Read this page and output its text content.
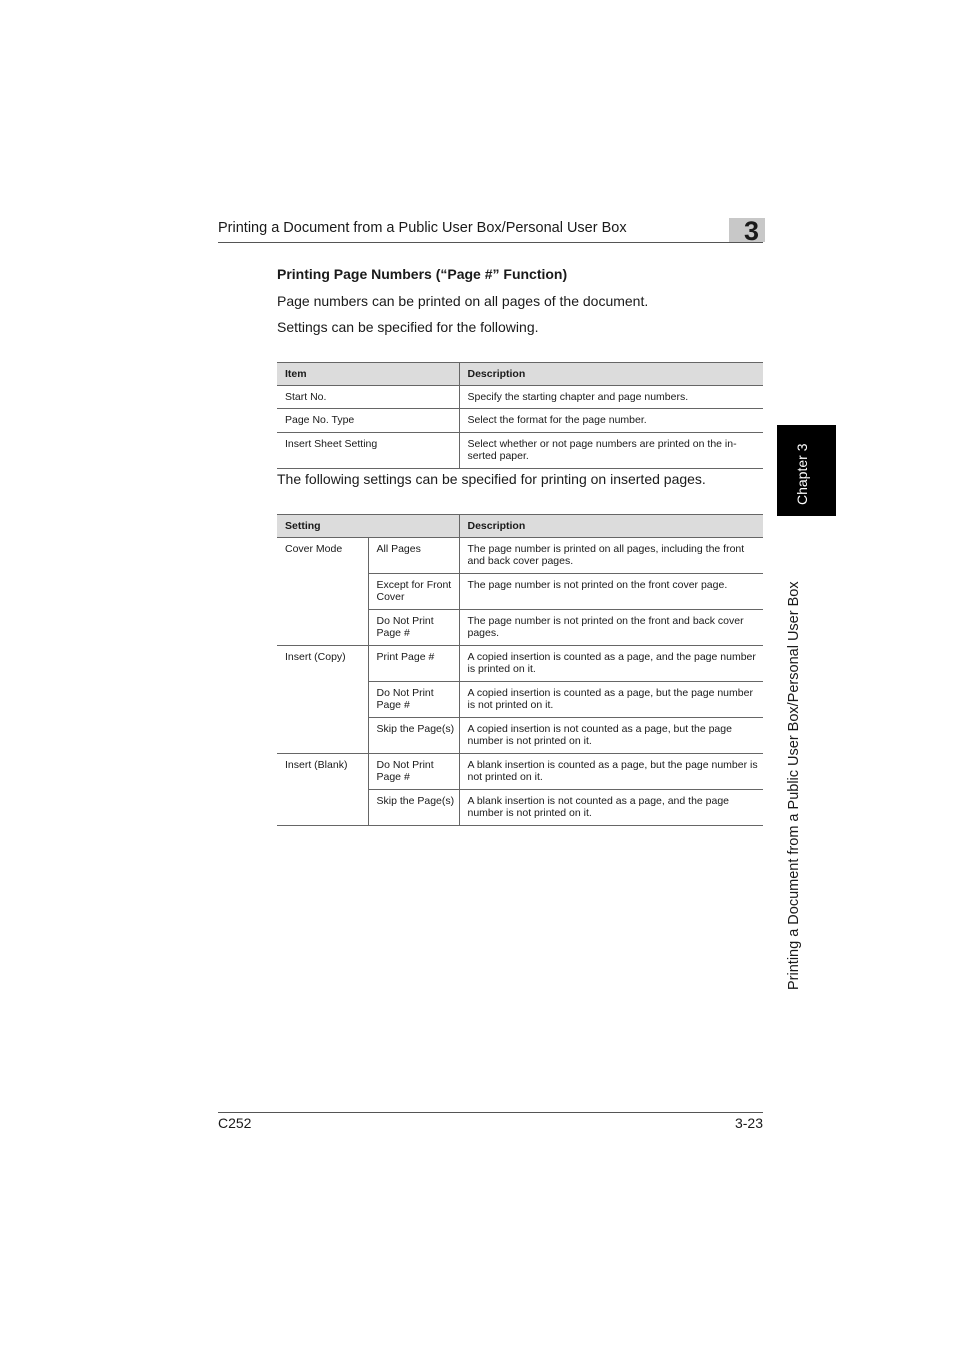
Printing a Document from a Public User Box/Personal User Box	3
Chapter 3
Printing a Document from a Public User Box/Personal User Box
Printing Page Numbers (“Page #” Function)
Page numbers can be printed on all pages of the document.
Settings can be specified for the following.
Item	Description
Start No.	Specify the starting chapter and page numbers.
Page No. Type	Select the format for the page number.
Insert Sheet Setting	Select whether or not page numbers are printed on the in-serted paper.
The following settings can be specified for printing on inserted pages.
Setting		Description
Cover Mode	All Pages	The page number is printed on all pages, including the front and back cover pages.
	Except for Front Cover	The page number is not printed on the front cover page.
	Do Not Print Page #	The page number is not printed on the front and back cover pages.
Insert (Copy)	Print Page #	A copied insertion is counted as a page, and the page number is printed on it.
	Do Not Print Page #	A copied insertion is counted as a page, but the page number is not printed on it.
	Skip the Page(s)	A copied insertion is not counted as a page, but the page number is not printed on it.
Insert (Blank)	Do Not Print Page #	A blank insertion is counted as a page, but the page number is not printed on it.
	Skip the Page(s)	A blank insertion is not counted as a page, and the page number is not printed on it.
C252	3-23
